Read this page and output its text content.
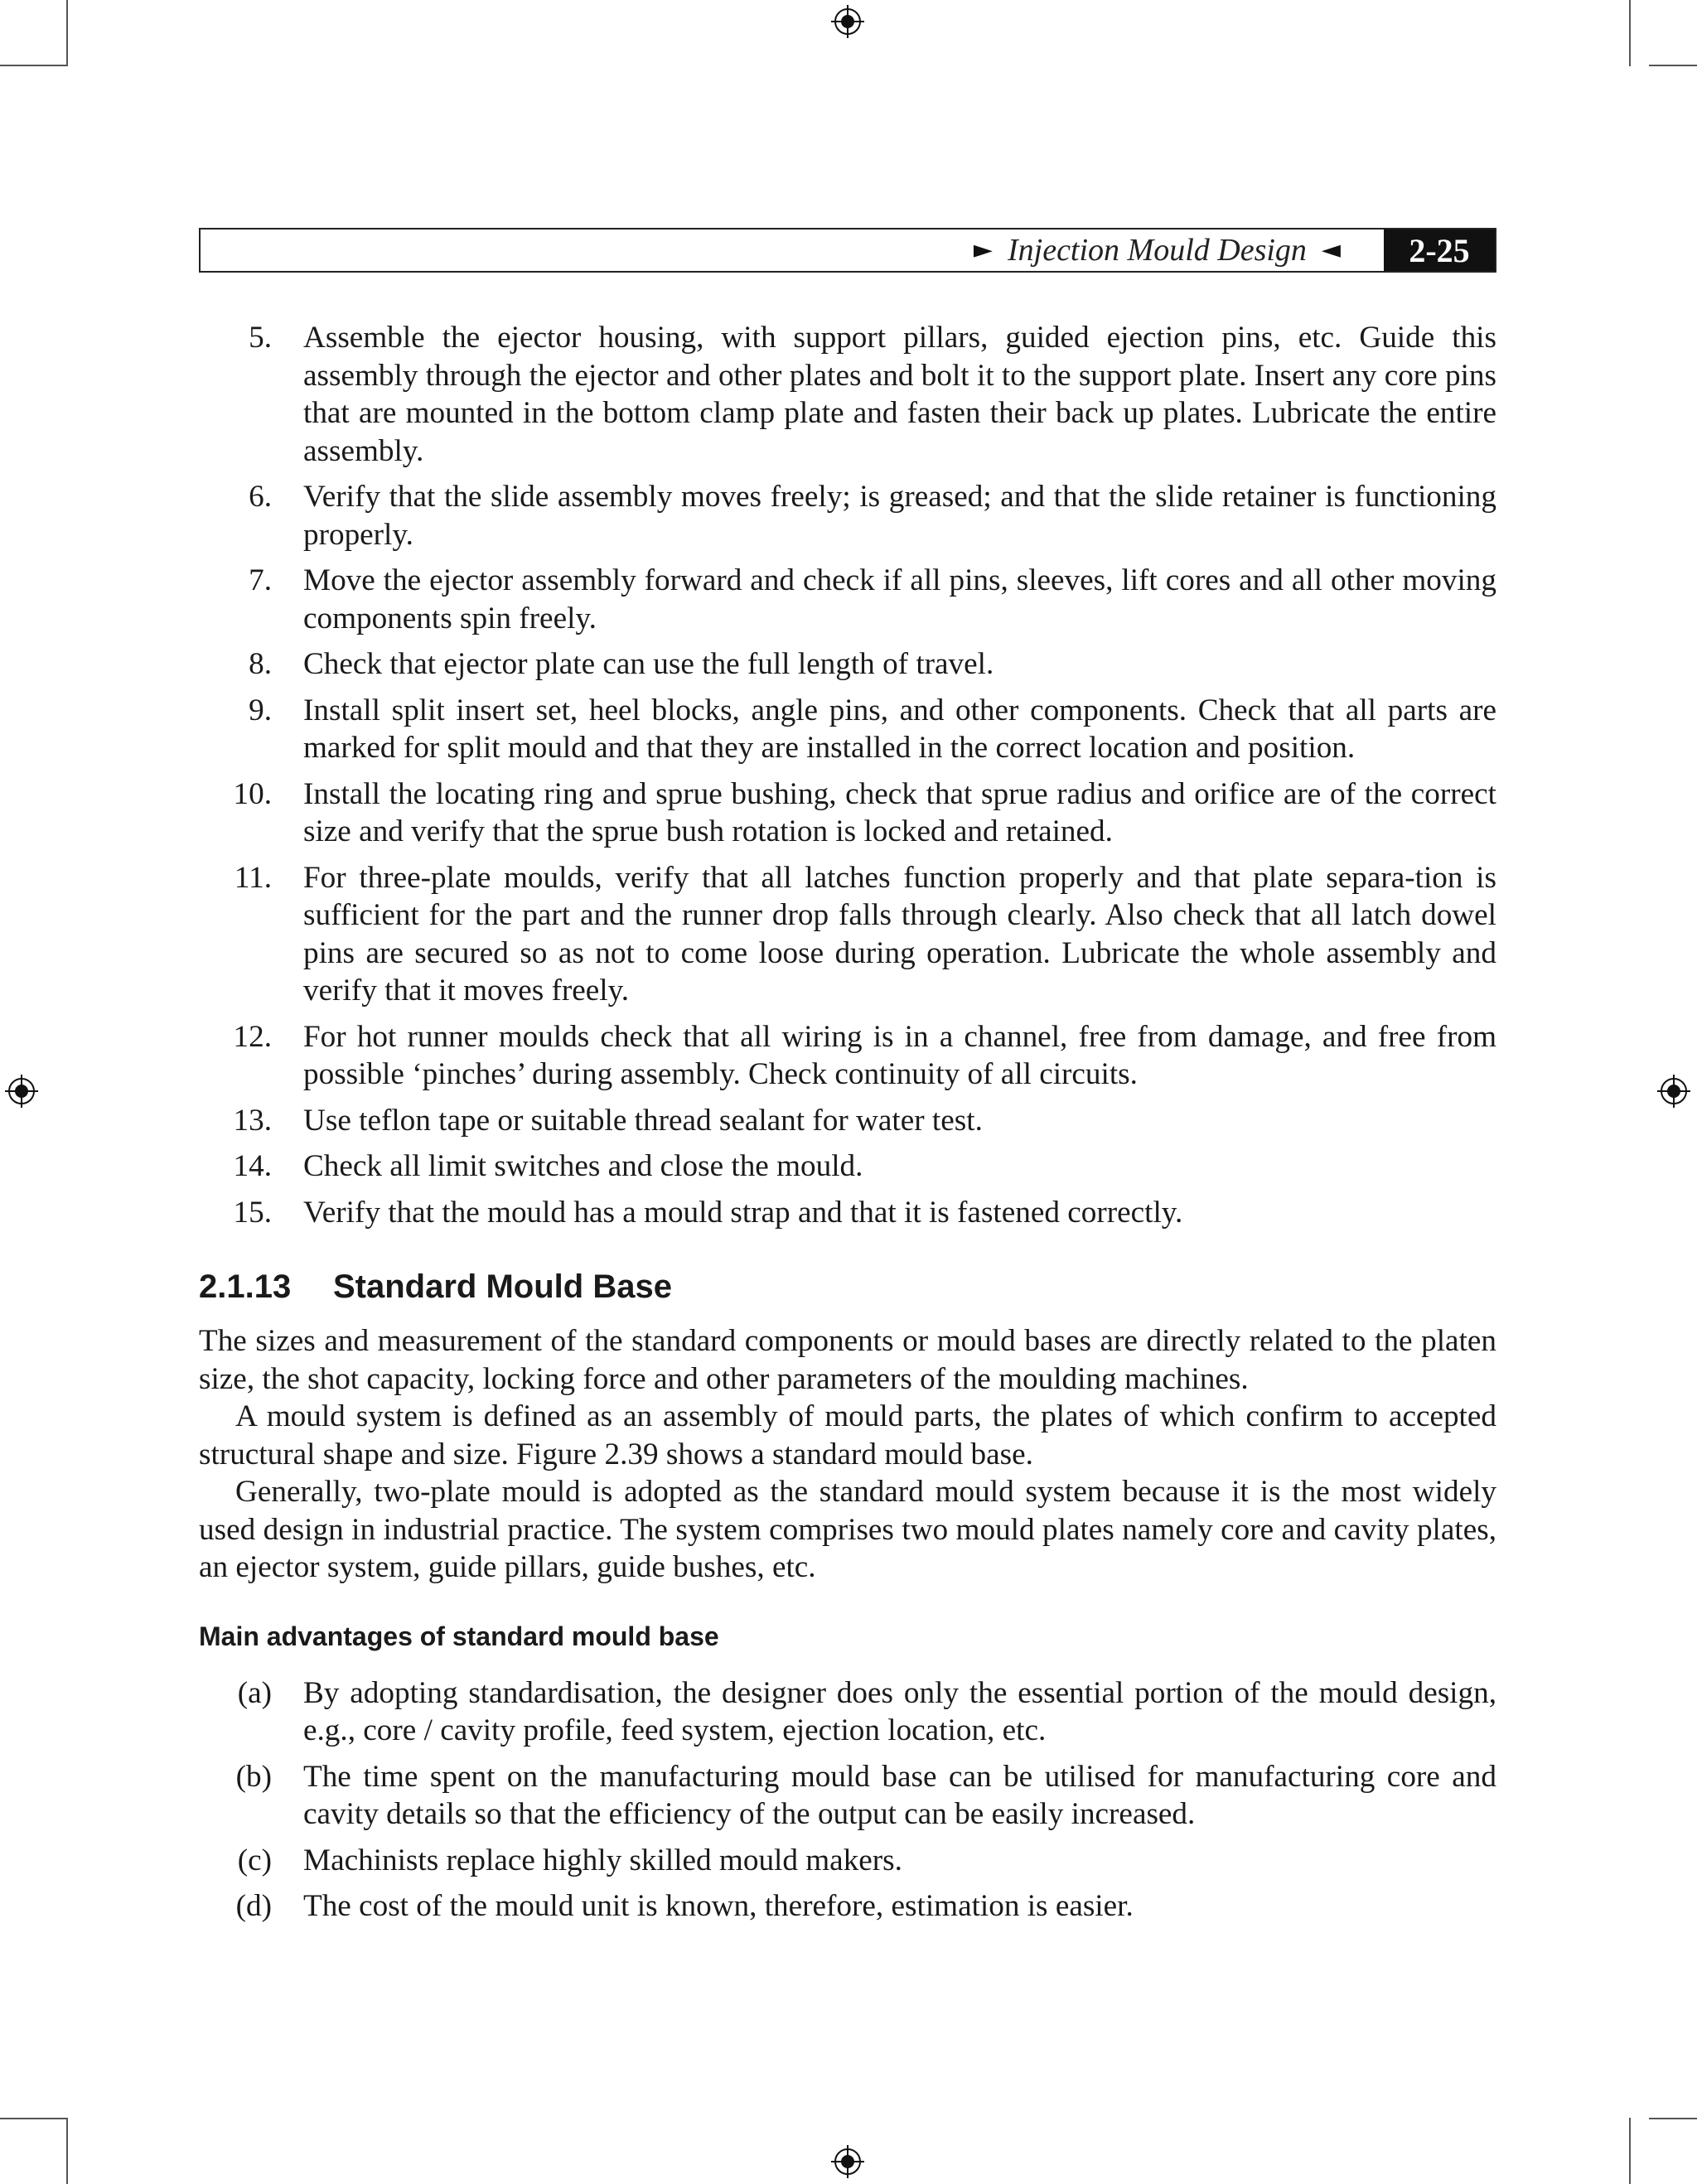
► Injection Mould Design ◄	2-25
5.	Assemble the ejector housing, with support pillars, guided ejection pins, etc. Guide this assembly through the ejector and other plates and bolt it to the support plate. Insert any core pins that are mounted in the bottom clamp plate and fasten their back up plates. Lubricate the entire assembly.
6.	Verify that the slide assembly moves freely; is greased; and that the slide retainer is functioning properly.
7.	Move the ejector assembly forward and check if all pins, sleeves, lift cores and all other moving components spin freely.
8.	Check that ejector plate can use the full length of travel.
9.	Install split insert set, heel blocks, angle pins, and other components. Check that all parts are marked for split mould and that they are installed in the correct location and position.
10.	Install the locating ring and sprue bushing, check that sprue radius and orifice are of the correct size and verify that the sprue bush rotation is locked and retained.
11.	For three-plate moulds, verify that all latches function properly and that plate separa-tion is sufficient for the part and the runner drop falls through clearly. Also check that all latch dowel pins are secured so as not to come loose during operation. Lubricate the whole assembly and verify that it moves freely.
12.	For hot runner moulds check that all wiring is in a channel, free from damage, and free from possible ‘pinches’ during assembly. Check continuity of all circuits.
13.	Use teflon tape or suitable thread sealant for water test.
14.	Check all limit switches and close the mould.
15.	Verify that the mould has a mould strap and that it is fastened correctly.
2.1.13 Standard Mould Base

The sizes and measurement of the standard components or mould bases are directly related to the platen size, the shot capacity, locking force and other parameters of the moulding machines.

A mould system is defined as an assembly of mould parts, the plates of which confirm to accepted structural shape and size. Figure 2.39 shows a standard mould base.

Generally, two-plate mould is adopted as the standard mould system because it is the most widely used design in industrial practice. The system comprises two mould plates namely core and cavity plates, an ejector system, guide pillars, guide bushes, etc.

Main advantages of standard mould base
(a)	By adopting standardisation, the designer does only the essential portion of the mould design, e.g., core / cavity profile, feed system, ejection location, etc.
(b)	The time spent on the manufacturing mould base can be utilised for manufacturing core and cavity details so that the efficiency of the output can be easily increased.
(c)	Machinists replace highly skilled mould makers.
(d)	The cost of the mould unit is known, therefore, estimation is easier.
